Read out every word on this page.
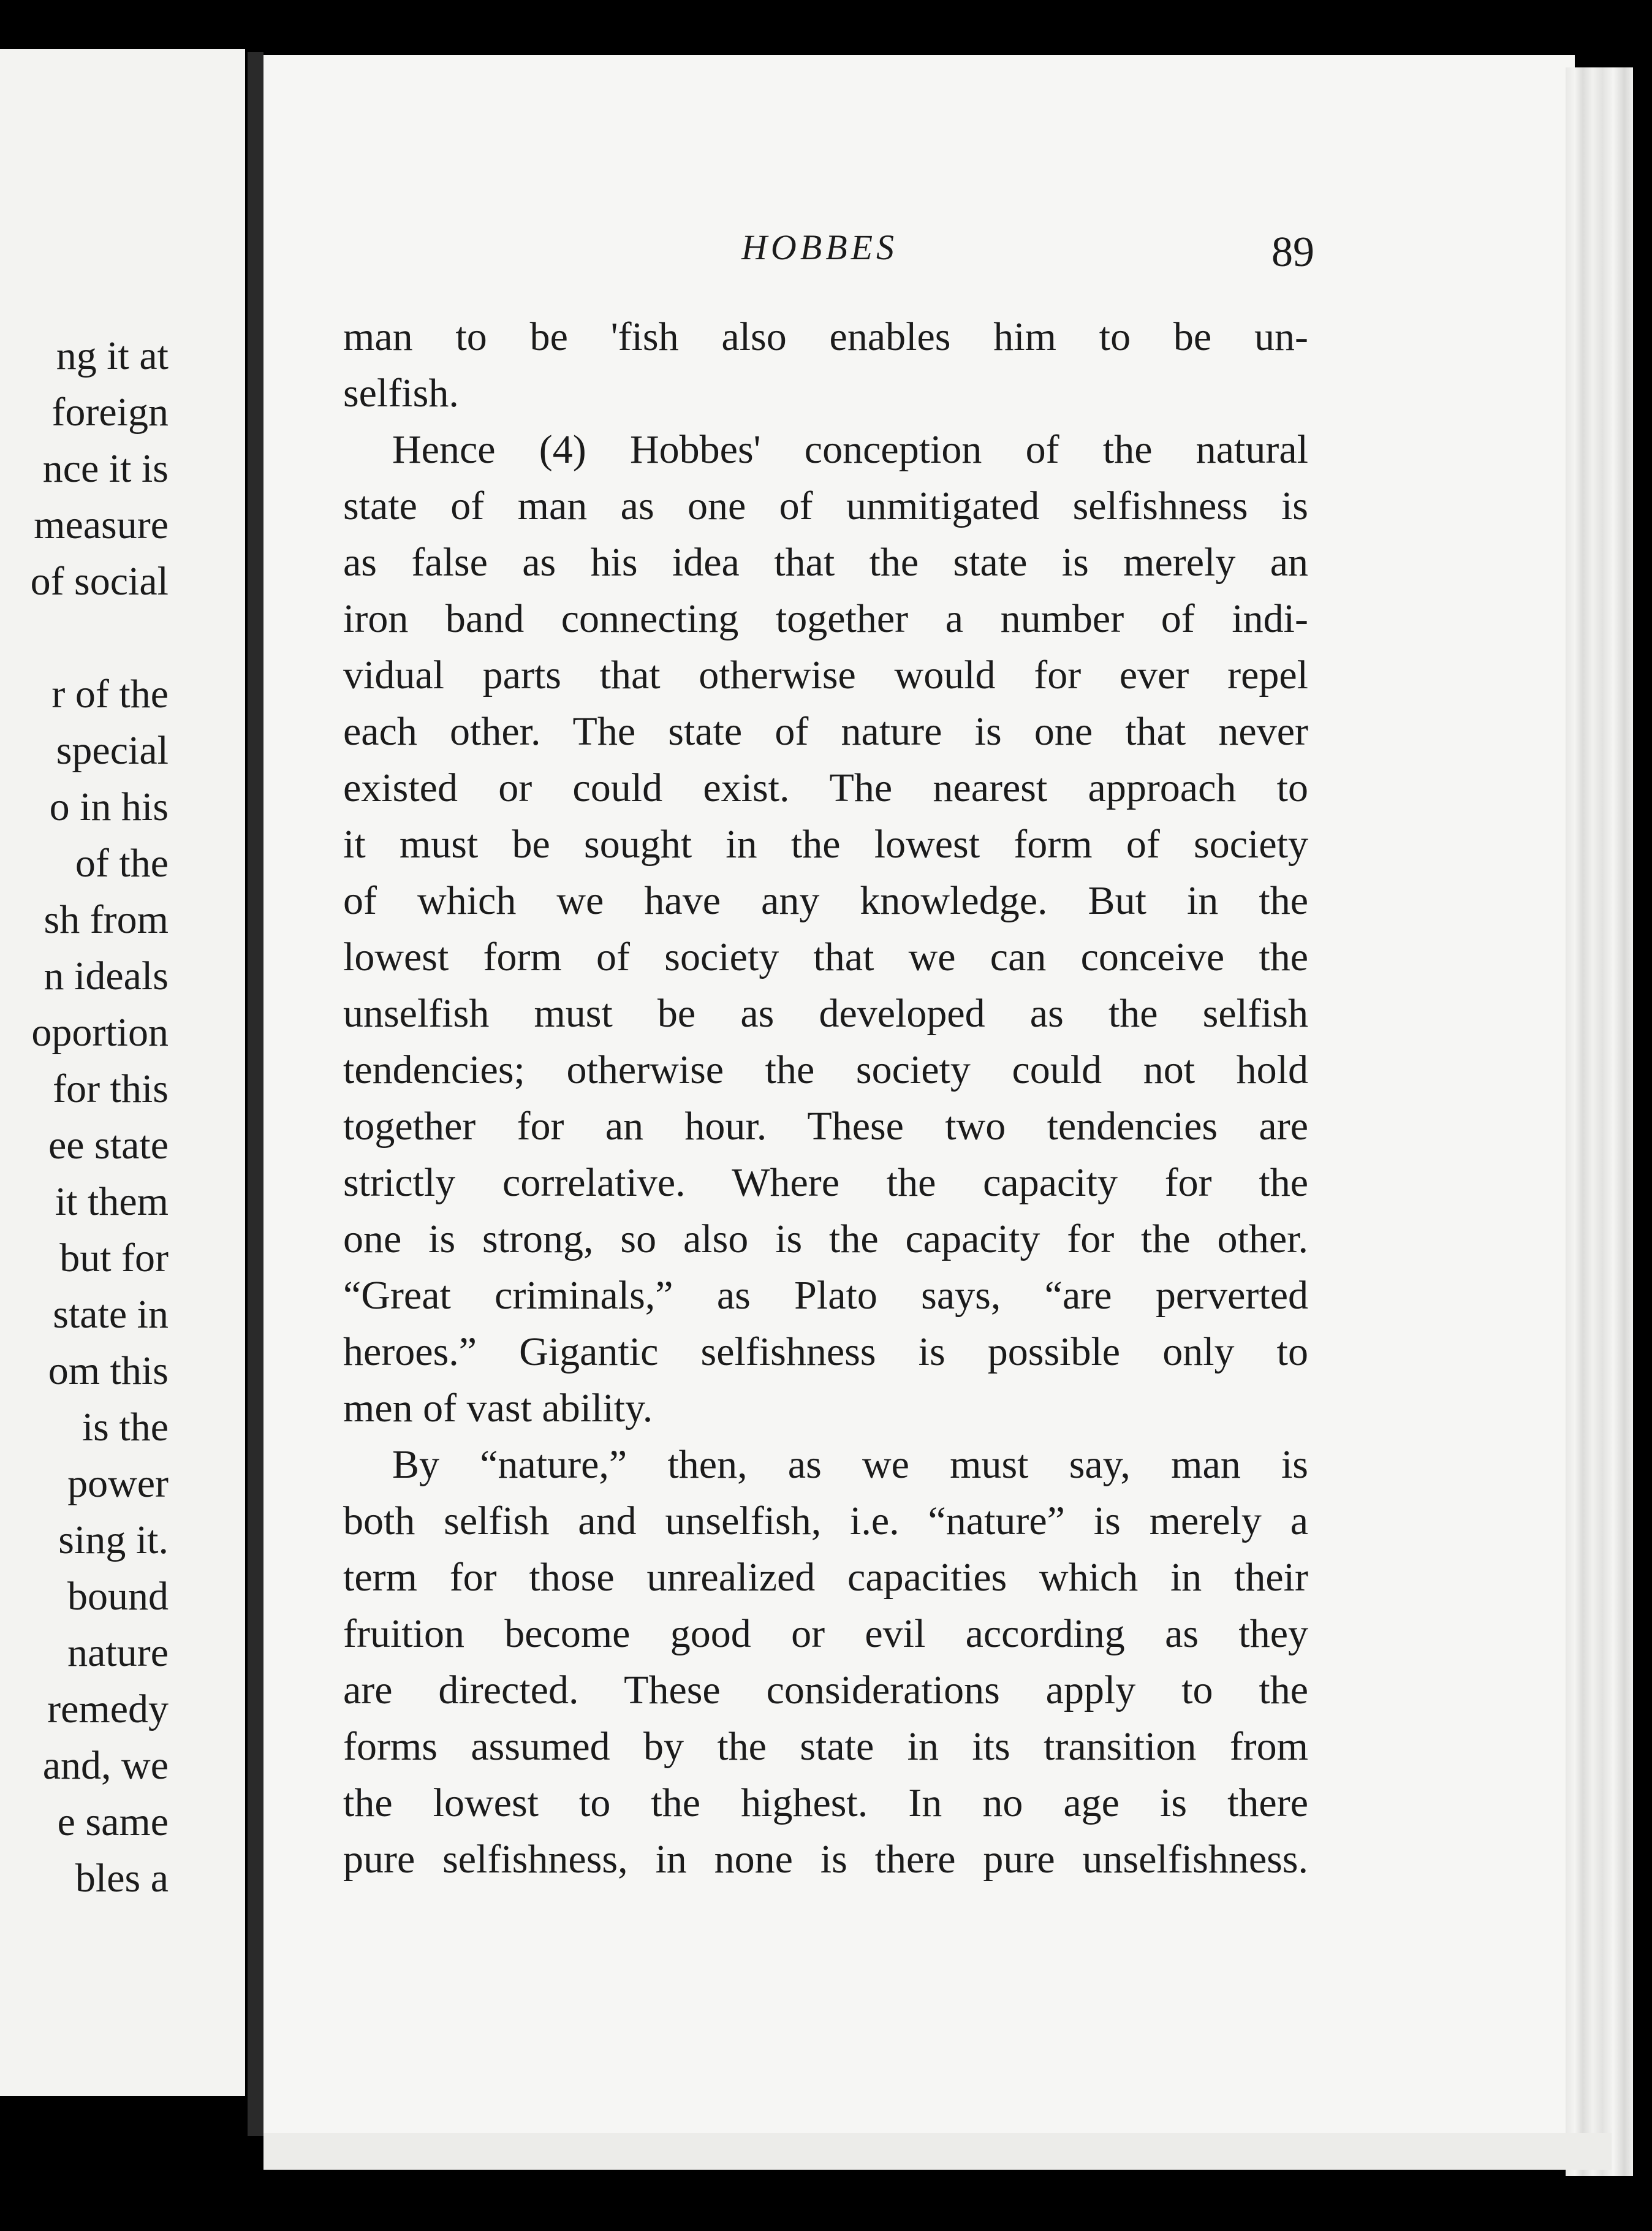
ng it at

foreign

nce it is

measure

of social

r of the

special

o in his

of the

sh from

n ideals

oportion

for this

ee state

it them

but for

state in

om this

is the

power

sing it.

bound

nature

remedy

and, we

e same

bles a

HOBBES	89

man to be 'fish also enables him to be un-

selfish.

Hence (4) Hobbes' conception of the natural

state of man as one of unmitigated selfishness is

as false as his idea that the state is merely an

iron band connecting together a number of indi-

vidual parts that otherwise would for ever repel

each other. The state of nature is one that never

existed or could exist. The nearest approach to

it must be sought in the lowest form of society

of which we have any knowledge. But in the

lowest form of society that we can conceive the

unselfish must be as developed as the selfish

tendencies; otherwise the society could not hold

together for an hour. These two tendencies are

strictly correlative. Where the capacity for the

one is strong, so also is the capacity for the other.

“Great criminals,” as Plato says, “are perverted

heroes.” Gigantic selfishness is possible only to

men of vast ability.

By “nature,” then, as we must say, man is

both selfish and unselfish, i.e. “nature” is merely a

term for those unrealized capacities which in their

fruition become good or evil according as they

are directed. These considerations apply to the

forms assumed by the state in its transition from

the lowest to the highest. In no age is there

pure selfishness, in none is there pure unselfishness.
